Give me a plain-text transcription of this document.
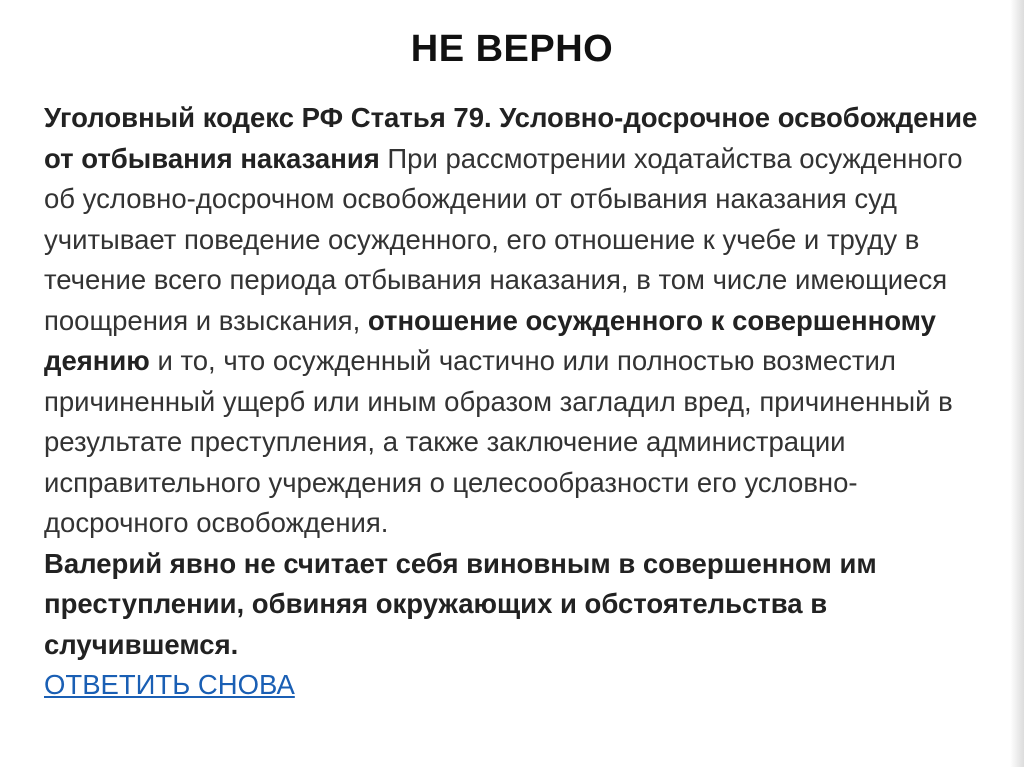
НЕ ВЕРНО
Уголовный кодекс РФ Статья 79. Условно-досрочное освобождение от отбывания наказания При рассмотрении ходатайства осужденного об условно-досрочном освобождении от отбывания наказания суд учитывает поведение осужденного, его отношение к учебе и труду в течение всего периода отбывания наказания, в том числе имеющиеся поощрения и взыскания, отношение осужденного к совершенному деянию и то, что осужденный частично или полностью возместил причиненный ущерб или иным образом загладил вред, причиненный в результате преступления, а также заключение администрации исправительного учреждения о целесообразности его условно-досрочного освобождения.
Валерий явно не считает себя виновным в совершенном им преступлении, обвиняя окружающих и обстоятельства в случившемся.
ОТВЕТИТЬ СНОВА
